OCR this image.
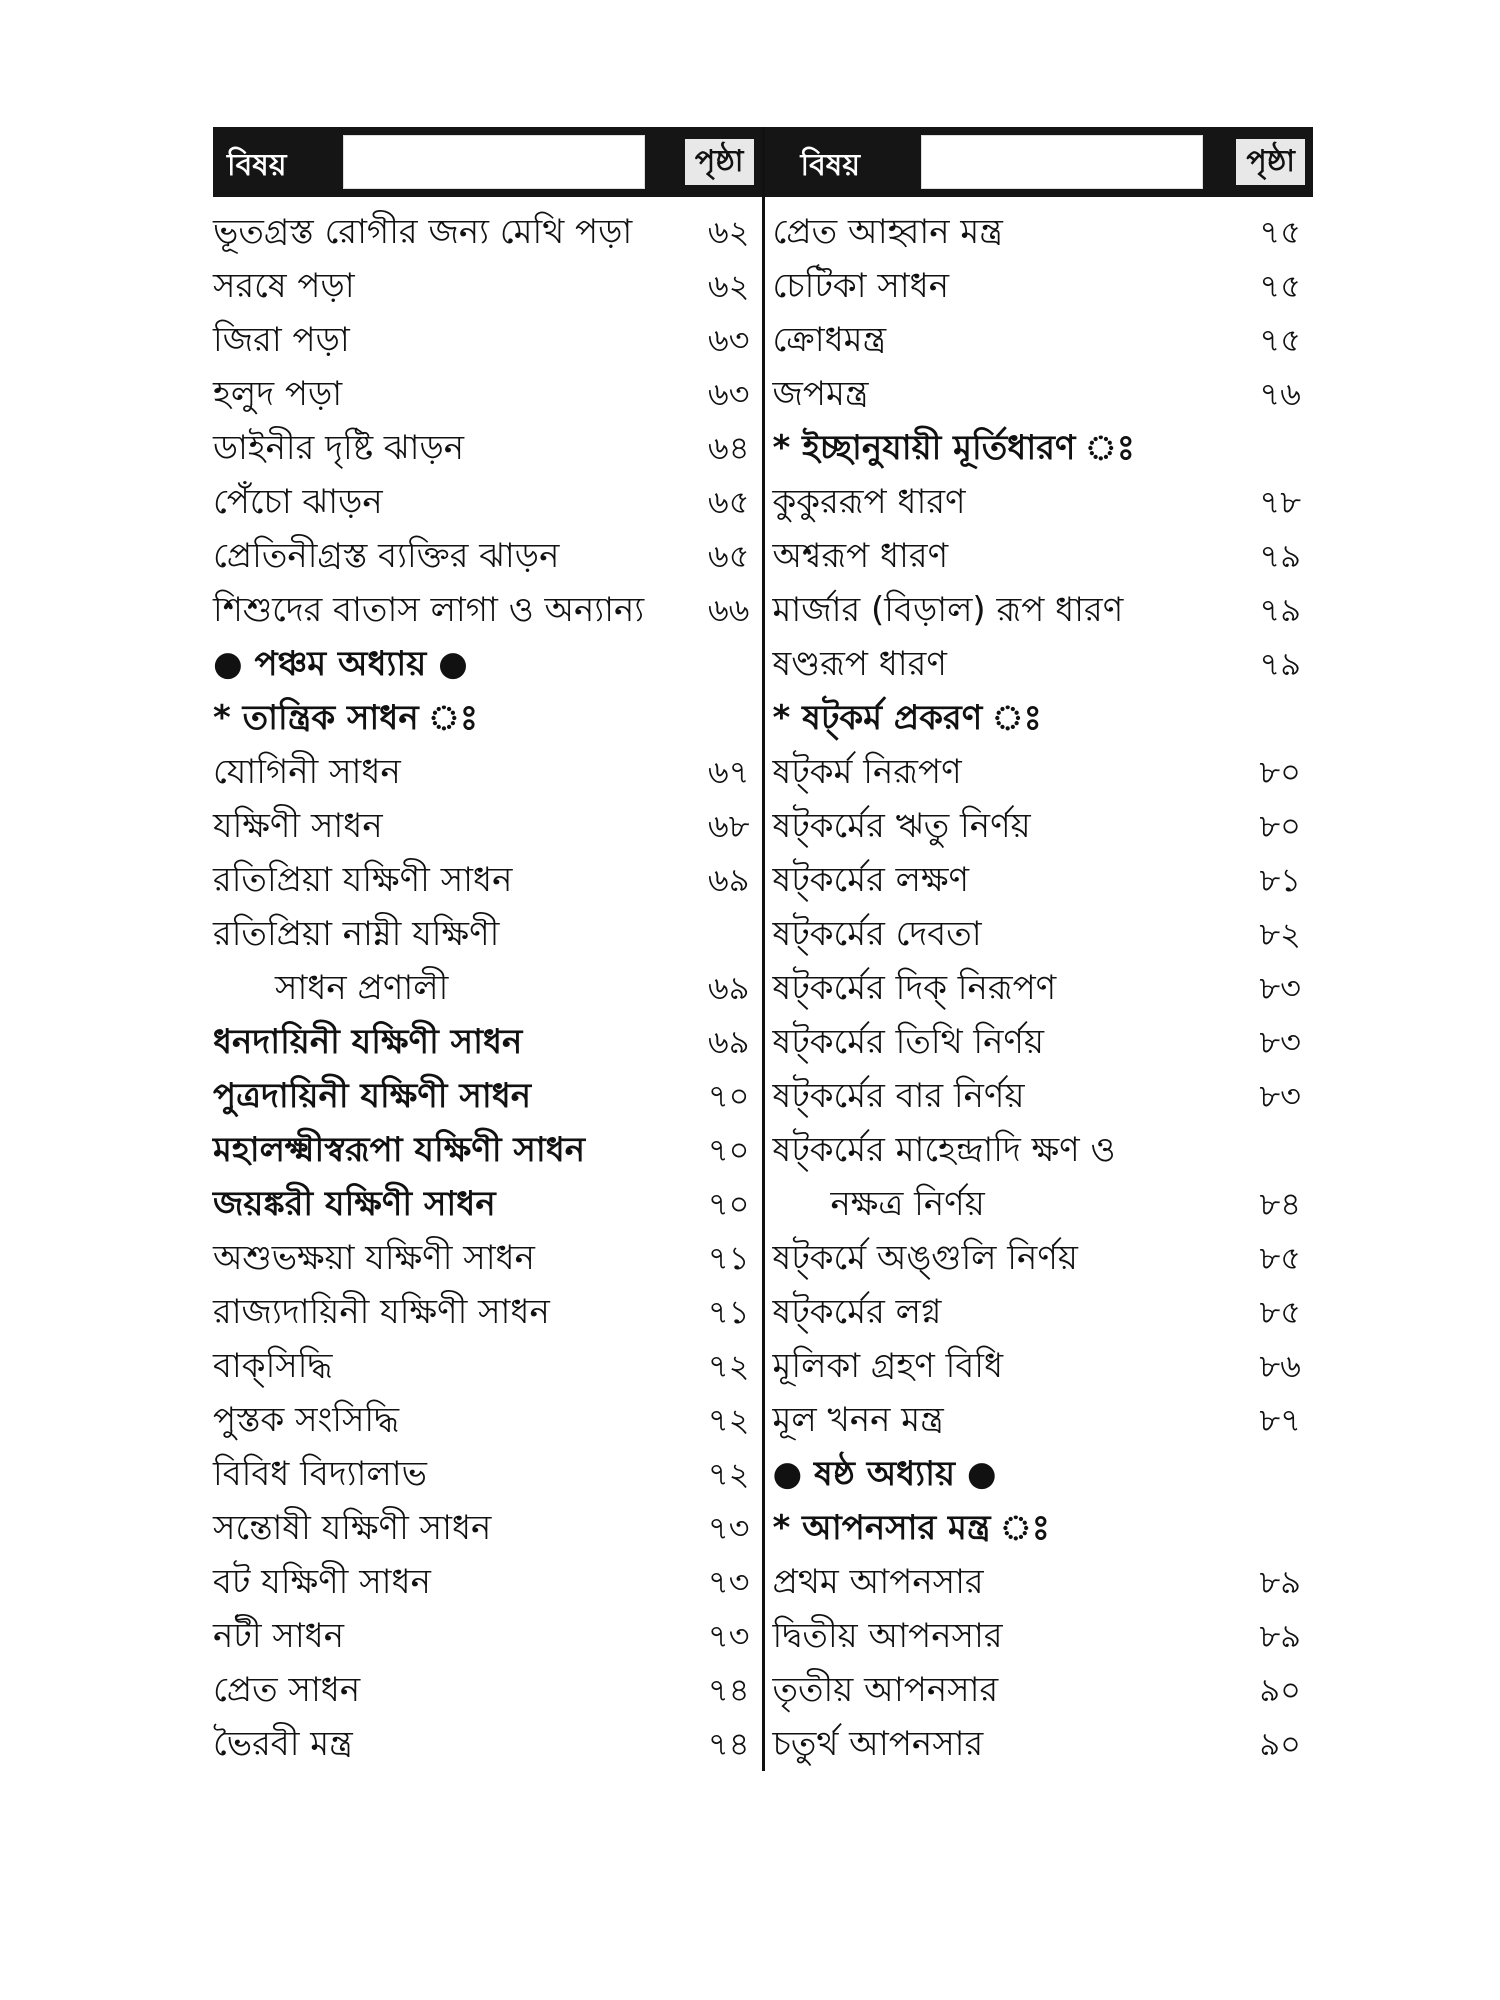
বিষয়	পৃষ্ঠা
ভূতগ্রস্ত রোগীর জন্য মেথি পড়া ৬২
সরষে পড়া	৬২
জিরা পড়া	৬৩
হলুদ পড়া	৬৩
ডাইনীর দৃষ্টি ঝাড়ন	৬৪
পেঁচো ঝাড়ন	৬৫
প্রেতিনীগ্রস্ত ব্যক্তির ঝাড়ন	৬৫
শিশুদের বাতাস লাগা ও অন্যান্য ৬৬
● পঞ্চম অধ্যায় ●
* তান্ত্রিক সাধন ঃ
যোগিনী সাধন	৬৭
যক্ষিণী সাধন	৬৮
রতিপ্রিয়া যক্ষিণী সাধন	৬৯
রতিপ্রিয়া নাম্নী যক্ষিণী
সাধন প্রণালী	৬৯
ধনদায়িনী যক্ষিণী সাধন	৬৯
পুত্রদায়িনী যক্ষিণী সাধন	৭০
মহালক্ষ্মীস্বরূপা যক্ষিণী সাধন	৭০
জয়ঙ্করী যক্ষিণী সাধন	৭০
অশুভক্ষয়া যক্ষিণী সাধন	৭১
রাজ্যদায়িনী যক্ষিণী সাধন	৭১
বাক্‌সিদ্ধি	৭২
পুস্তক সংসিদ্ধি	৭২
বিবিধ বিদ্যালাভ	৭২
সন্তোষী যক্ষিণী সাধন	৭৩
বট যক্ষিণী সাধন	৭৩
নটী সাধন	৭৩
প্রেত সাধন	৭৪
ভৈরবী মন্ত্র	৭৪
বিষয়	পৃষ্ঠা
প্রেত আহ্বান মন্ত্র	৭৫
চেটিকা সাধন	৭৫
ক্রোধমন্ত্র	৭৫
জপমন্ত্র	৭৬
* ইচ্ছানুযায়ী মূর্তিধারণ ঃ
কুকুররূপ ধারণ	৭৮
অশ্বরূপ ধারণ	৭৯
মার্জার (বিড়াল) রূপ ধারণ	৭৯
ষণ্ডরূপ ধারণ	৭৯
* ষট্‌কর্ম প্রকরণ ঃ
ষট্‌কর্ম নিরূপণ	৮০
ষট্‌কর্মের ঋতু নির্ণয়	৮০
ষট্‌কর্মের লক্ষণ	৮১
ষট্‌কর্মের দেবতা	৮২
ষট্‌কর্মের দিক্ নিরূপণ	৮৩
ষট্‌কর্মের তিথি নির্ণয়	৮৩
ষট্‌কর্মের বার নির্ণয়	৮৩
ষট্‌কর্মের মাহেন্দ্রাদি ক্ষণ ও
নক্ষত্র নির্ণয়	৮৪
ষট্‌কর্মে অঙ্গুলি নির্ণয়	৮৫
ষট্‌কর্মের লগ্ন	৮৫
মূলিকা গ্রহণ বিধি	৮৬
মূল খনন মন্ত্র	৮৭
● ষষ্ঠ অধ্যায় ●
* আপনসার মন্ত্র ঃ
প্রথম আপনসার	৮৯
দ্বিতীয় আপনসার	৮৯
তৃতীয় আপনসার	৯০
চতুর্থ আপনসার	৯০
